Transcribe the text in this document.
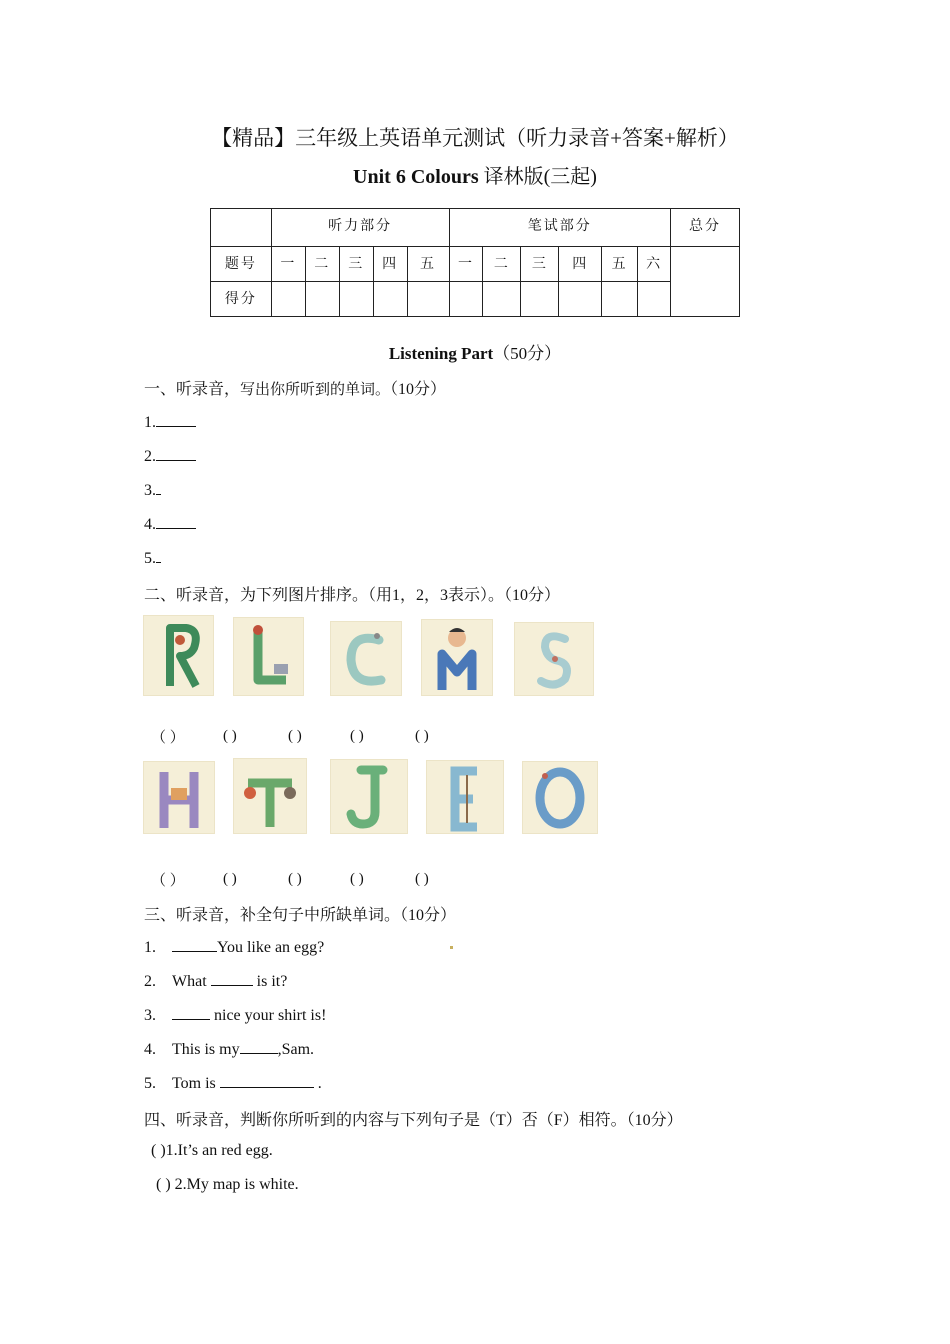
【精品】三年级上英语单元测试（听力录音+答案+解析）
Unit 6 Colours 译林版(三起)
	听力部分					笔试部分						总分
题号	一	二	三	四	五	一	二	三	四	五	六	
得分												
Listening Part（50分）
一、听录音，写出你所听到的单词。（10分）
1.
2.
3.
4.
5.
二、听录音，为下列图片排序。（用1，2，3表示）。（10分）
R
L
C
M
S
（ ）	( )	( )	( )	( )
H
T
J
E
O
（ ）	( )	( )	( )	( )
三、听录音，补全句子中所缺单词。（10分）
1.	You like an egg?
2. What	is it?
3.	nice your shirt is!
4. This is my ,Sam.
5. Tom is	.
四、听录音，判断你所听到的内容与下列句子是（T）否（F）相符。（10分）
( )1.It’s an red egg.
( ) 2.My map is white.
